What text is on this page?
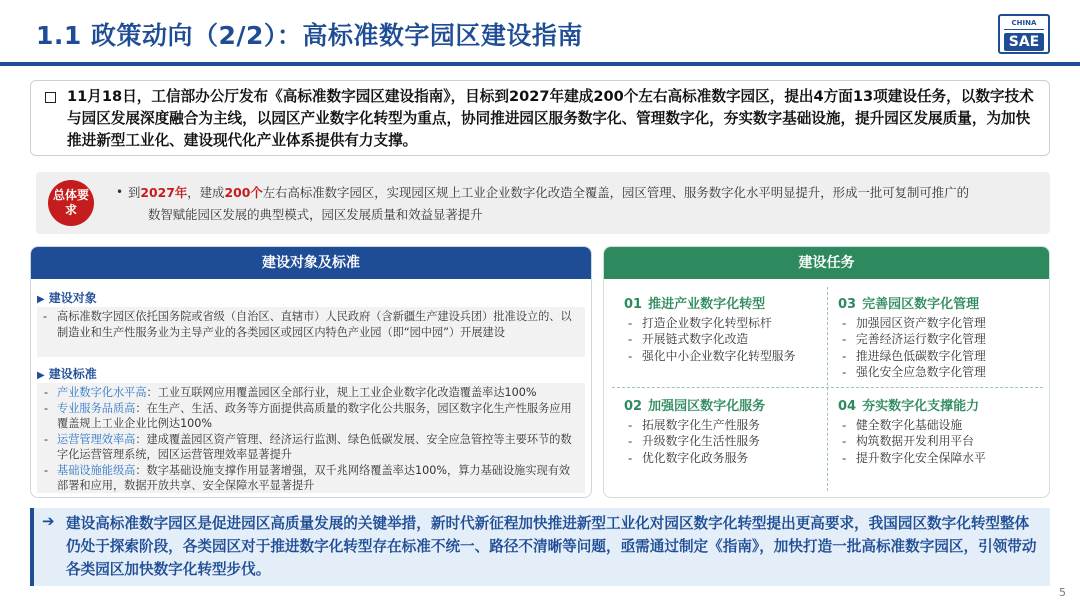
1.1 政策动向（2/2）：高标准数字园区建设指南	CHINA
SAE
11月18日，工信部办公厅发布《高标准数字园区建设指南》，目标到2027年建成200个左右高标准数字园区，提出4方面13项建设任务，以数字技术与园区发展深度融合为主线，以园区产业数字化转型为重点，协同推进园区服务数字化、管理数字化，夯实数字基础设施，提升园区发展质量，为加快推进新型工业化、建设现代化产业体系提供有力支撑。
总体要求
• 到2027年，建成200个左右高标准数字园区，实现园区规上工业企业数字化改造全覆盖，园区管理、服务数字化水平明显提升，形成一批可复制可推广的
数智赋能园区发展的典型模式，园区发展质量和效益显著提升
建设对象及标准
▶ 建设对象
- 高标准数字园区依托国务院或省级（自治区、直辖市）人民政府（含新疆生产建设兵团）批准设立的、以制造业和生产性服务业为主导产业的各类园区或园区内特色产业园（即“园中园”）开展建设
▶ 建设标准
- 产业数字化水平高：工业互联网应用覆盖园区全部行业，规上工业企业数字化改造覆盖率达100%
- 专业服务品质高：在生产、生活、政务等方面提供高质量的数字化公共服务，园区数字化生产性服务应用覆盖规上工业企业比例达100%
- 运营管理效率高：建成覆盖园区资产管理、经济运行监测、绿色低碳发展、安全应急管控等主要环节的数字化运营管理系统，园区运营管理效率显著提升
- 基础设施能级高：数字基础设施支撑作用显著增强，双千兆网络覆盖率达100%，算力基础设施实现有效部署和应用，数据开放共享、安全保障水平显著提升
建设任务
01 推进产业数字化转型
- 打造企业数字化转型标杆
- 开展链式数字化改造
- 强化中小企业数字化转型服务
03 完善园区数字化管理
- 加强园区资产数字化管理
- 完善经济运行数字化管理
- 推进绿色低碳数字化管理
- 强化安全应急数字化管理
02 加强园区数字化服务
- 拓展数字化生产性服务
- 升级数字化生活性服务
- 优化数字化政务服务
04 夯实数字化支撑能力
- 健全数字化基础设施
- 构筑数据开发利用平台
- 提升数字化安全保障水平
➔ 建设高标准数字园区是促进园区高质量发展的关键举措，新时代新征程加快推进新型工业化对园区数字化转型提出更高要求，我国园区数字化转型整体仍处于探索阶段，各类园区对于推进数字化转型存在标准不统一、路径不清晰等问题，亟需通过制定《指南》，加快打造一批高标准数字园区，引领带动各类园区加快数字化转型步伐。
5
